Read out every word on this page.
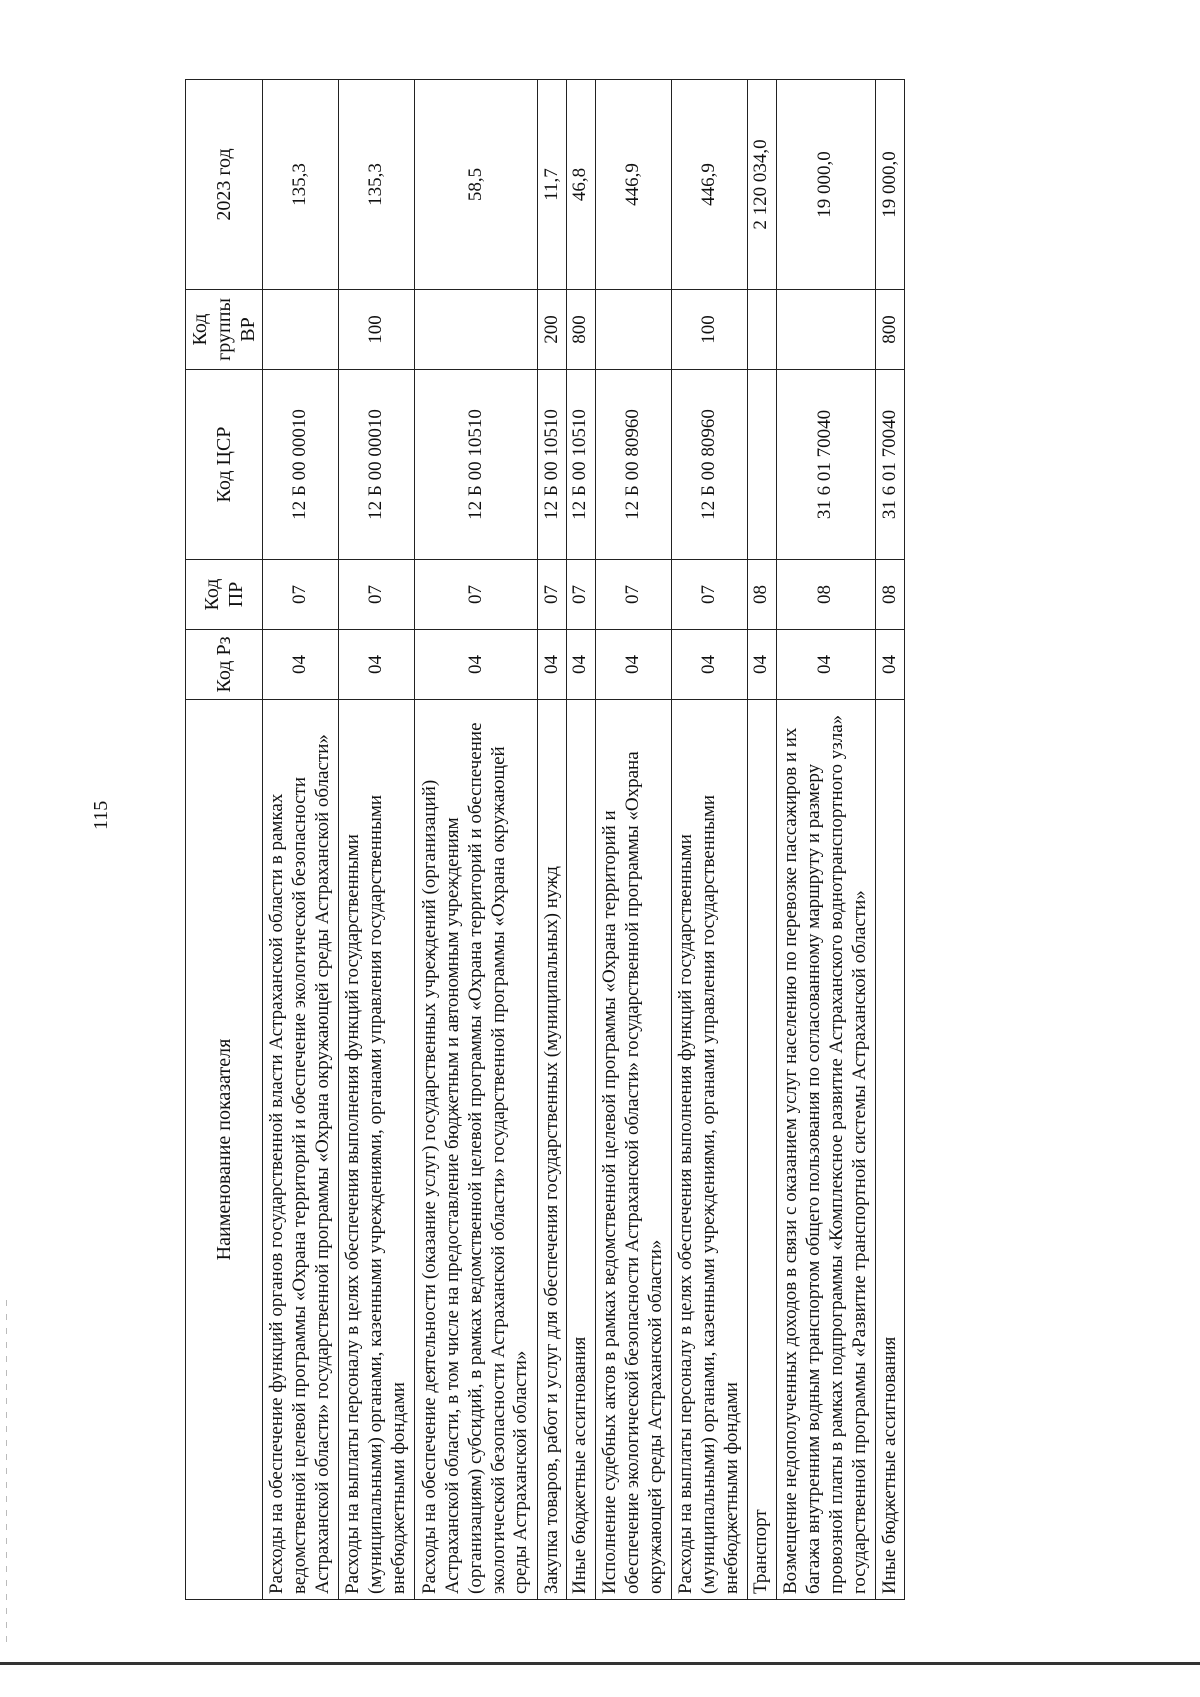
115
Наименование показателя	Код Рз	Код ПР	Код ЦСР	Код группы ВР	2023 год
Расходы на обеспечение функций органов государственной власти Астраханской области в рамках ведомственной целевой программы «Охрана территорий и обеспечение экологической безопасности Астраханской области» государственной программы «Охрана окружающей среды Астраханской области»	04	07	12 Б 00 00010		135,3
Расходы на выплаты персоналу в целях обеспечения выполнения функций государственными (муниципальными) органами, казенными учреждениями, органами управления государственными внебюджетными фондами	04	07	12 Б 00 00010	100	135,3
Расходы на обеспечение деятельности (оказание услуг) государственных учреждений (организаций) Астраханской области, в том числе на предоставление бюджетным и автономным учреждениям (организациям) субсидий, в рамках ведомственной целевой программы «Охрана территорий и обеспечение экологической безопасности Астраханской области» государственной программы «Охрана окружающей среды Астраханской области»	04	07	12 Б 00 10510		58,5
Закупка товаров, работ и услуг для обеспечения государственных (муниципальных) нужд	04	07	12 Б 00 10510	200	11,7
Иные бюджетные ассигнования	04	07	12 Б 00 10510	800	46,8
Исполнение судебных актов в рамках ведомственной целевой программы «Охрана территорий и обеспечение экологической безопасности Астраханской области» государственной программы «Охрана окружающей среды Астраханской области»	04	07	12 Б 00 80960		446,9
Расходы на выплаты персоналу в целях обеспечения выполнения функций государственными (муниципальными) органами, казенными учреждениями, органами управления государственными внебюджетными фондами	04	07	12 Б 00 80960	100	446,9
Транспорт	04	08			2 120 034,0
Возмещение недополученных доходов в связи с оказанием услуг населению по перевозке пассажиров и их багажа внутренним водным транспортом общего пользования по согласованному маршруту и размеру провозной платы в рамках подпрограммы «Комплексное развитие Астраханского воднотранспортного узла» государственной программы «Развитие транспортной системы Астраханской области»	04	08	31 6 01 70040		19 000,0
Иные бюджетные ассигнования	04	08	31 6 01 70040	800	19 000,0
